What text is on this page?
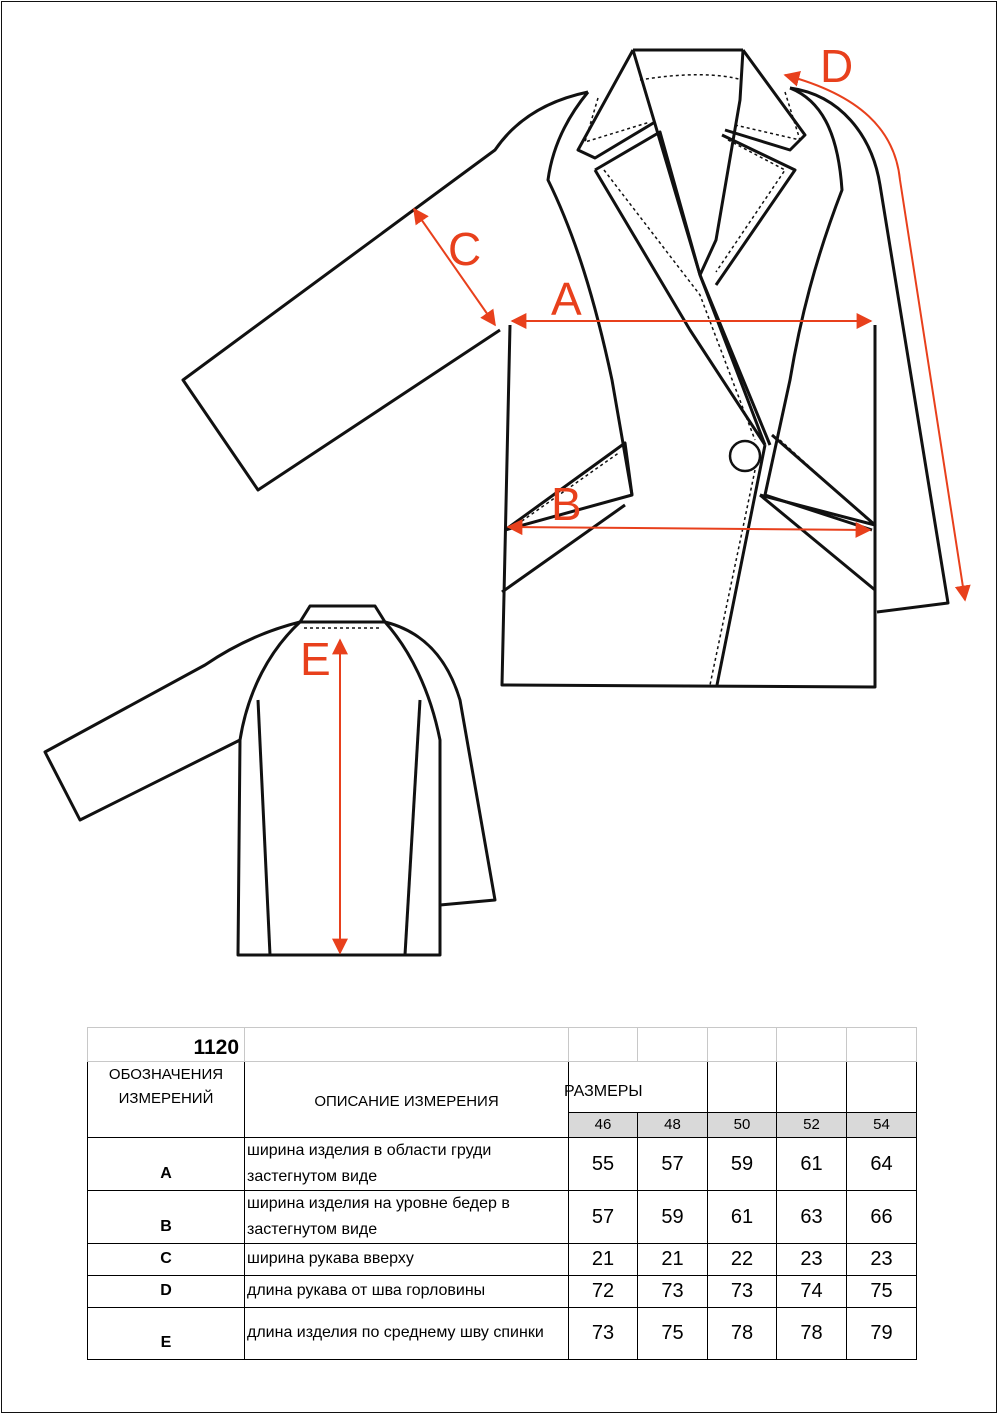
A
B
C
D
E
1120						
ОБОЗНАЧЕНИЯ ИЗМЕРЕНИЙ	ОПИСАНИЕ ИЗМЕРЕНИЯ	РАЗМЕРЫ				

		46	48	50	52	54
A	ширина изделия в области груди застегнутом виде	55	57	59	61	64
B	ширина изделия на уровне бедер в застегнутом виде	57	59	61	63	66
C	ширина рукава вверху	21	21	22	23	23
D	длина рукава от шва горловины	72	73	73	74	75
E	длина изделия по среднему шву спинки	73	75	78	78	79
